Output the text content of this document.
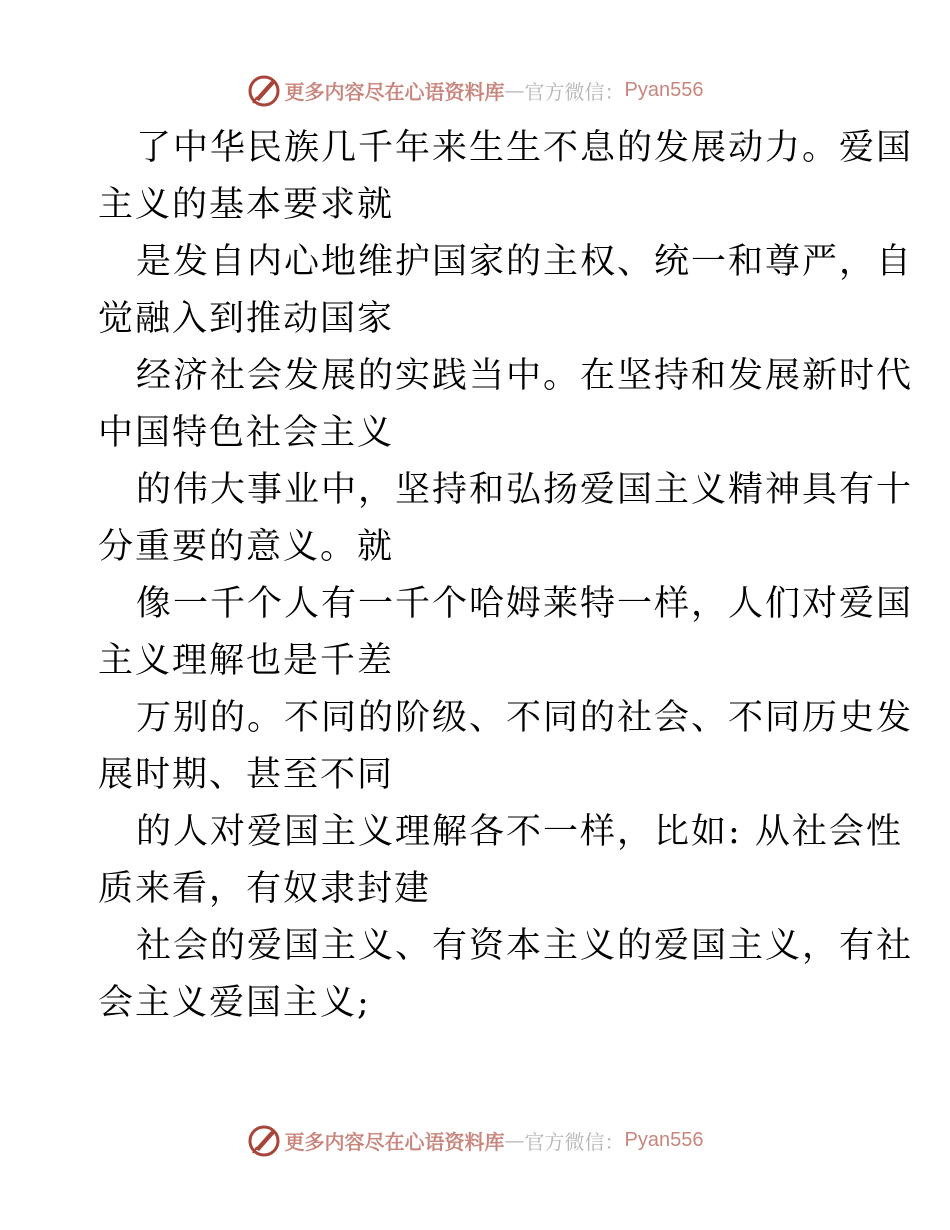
更多内容尽在心语资料库 — 官方微信： Pyan556
了中华民族几千年来生生不息的发展动力。爱国
主义的基本要求就
是发自内心地维护国家的主权、统一和尊严，自
觉融入到推动国家
经济社会发展的实践当中。在坚持和发展新时代
中国特色社会主义
的伟大事业中，坚持和弘扬爱国主义精神具有十
分重要的意义。就
像一千个人有一千个哈姆莱特一样，人们对爱国
主义理解也是千差
万别的。不同的阶级、不同的社会、不同历史发
展时期、甚至不同
的人对爱国主义理解各不一样，比如: 从社会性
质来看，有奴隶封建
社会的爱国主义、有资本主义的爱国主义，有社
会主义爱国主义;
更多内容尽在心语资料库 — 官方微信： Pyan556
